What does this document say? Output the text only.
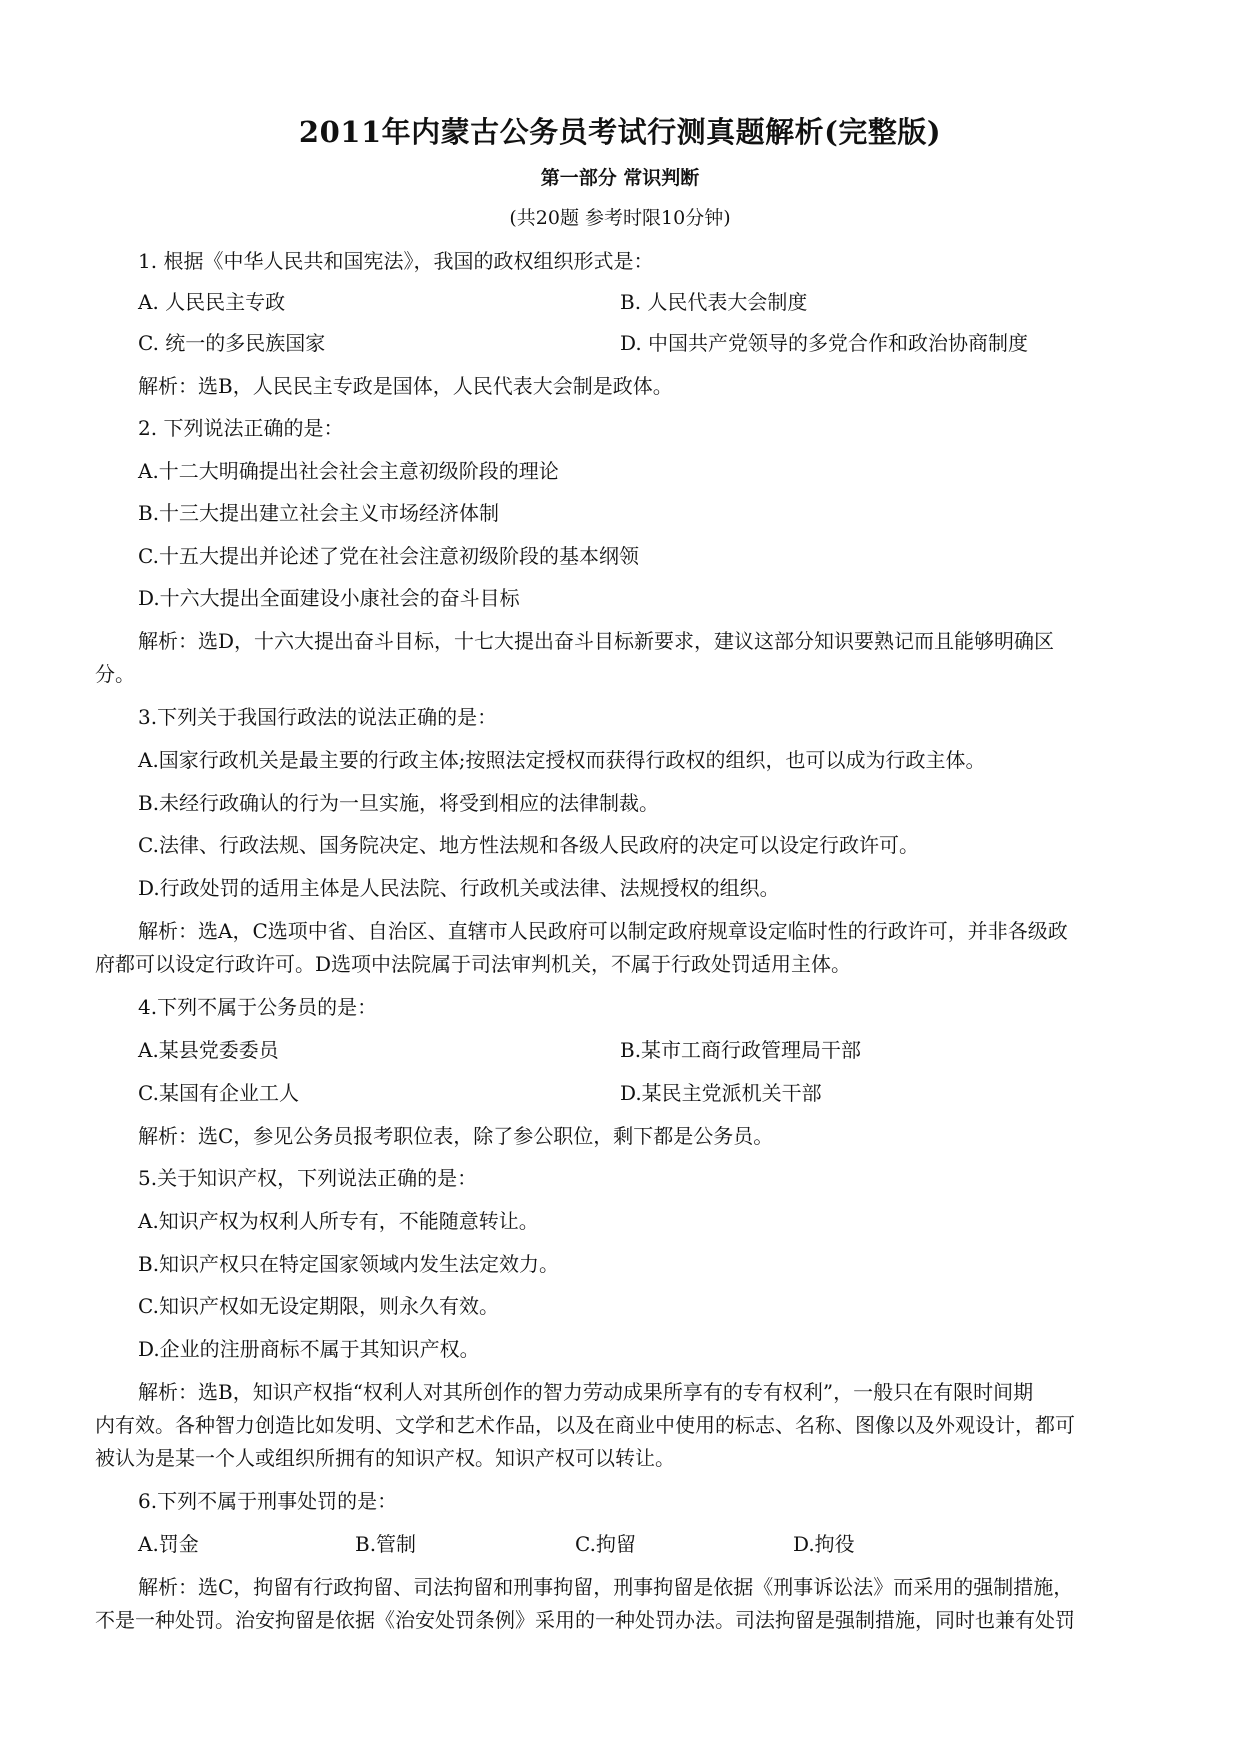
2011年内蒙古公务员考试行测真题解析(完整版)
第一部分 常识判断
(共20题 参考时限10分钟)
1. 根据《中华人民共和国宪法》，我国的政权组织形式是：
A. 人民民主专政	B. 人民代表大会制度
C. 统一的多民族国家	D. 中国共产党领导的多党合作和政治协商制度
解析：选B，人民民主专政是国体，人民代表大会制是政体。
2. 下列说法正确的是：
A.十二大明确提出社会社会主意初级阶段的理论
B.十三大提出建立社会主义市场经济体制
C.十五大提出并论述了党在社会注意初级阶段的基本纲领
D.十六大提出全面建设小康社会的奋斗目标
解析：选D，十六大提出奋斗目标，十七大提出奋斗目标新要求，建议这部分知识要熟记而且能够明确区
分。
3.下列关于我国行政法的说法正确的是：
A.国家行政机关是最主要的行政主体;按照法定授权而获得行政权的组织，也可以成为行政主体。
B.未经行政确认的行为一旦实施，将受到相应的法律制裁。
C.法律、行政法规、国务院决定、地方性法规和各级人民政府的决定可以设定行政许可。
D.行政处罚的适用主体是人民法院、行政机关或法律、法规授权的组织。
解析：选A，C选项中省、自治区、直辖市人民政府可以制定政府规章设定临时性的行政许可，并非各级政
府都可以设定行政许可。D选项中法院属于司法审判机关，不属于行政处罚适用主体。
4.下列不属于公务员的是：
A.某县党委委员	B.某市工商行政管理局干部
C.某国有企业工人	D.某民主党派机关干部
解析：选C，参见公务员报考职位表，除了参公职位，剩下都是公务员。
5.关于知识产权，下列说法正确的是：
A.知识产权为权利人所专有，不能随意转让。
B.知识产权只在特定国家领域内发生法定效力。
C.知识产权如无设定期限，则永久有效。
D.企业的注册商标不属于其知识产权。
解析：选B，知识产权指“权利人对其所创作的智力劳动成果所享有的专有权利”，一般只在有限时间期
内有效。各种智力创造比如发明、文学和艺术作品，以及在商业中使用的标志、名称、图像以及外观设计，都可
被认为是某一个人或组织所拥有的知识产权。知识产权可以转让。
6.下列不属于刑事处罚的是：
A.罚金	B.管制	C.拘留	D.拘役
解析：选C，拘留有行政拘留、司法拘留和刑事拘留，刑事拘留是依据《刑事诉讼法》而采用的强制措施，
不是一种处罚。治安拘留是依据《治安处罚条例》采用的一种处罚办法。司法拘留是强制措施，同时也兼有处罚
